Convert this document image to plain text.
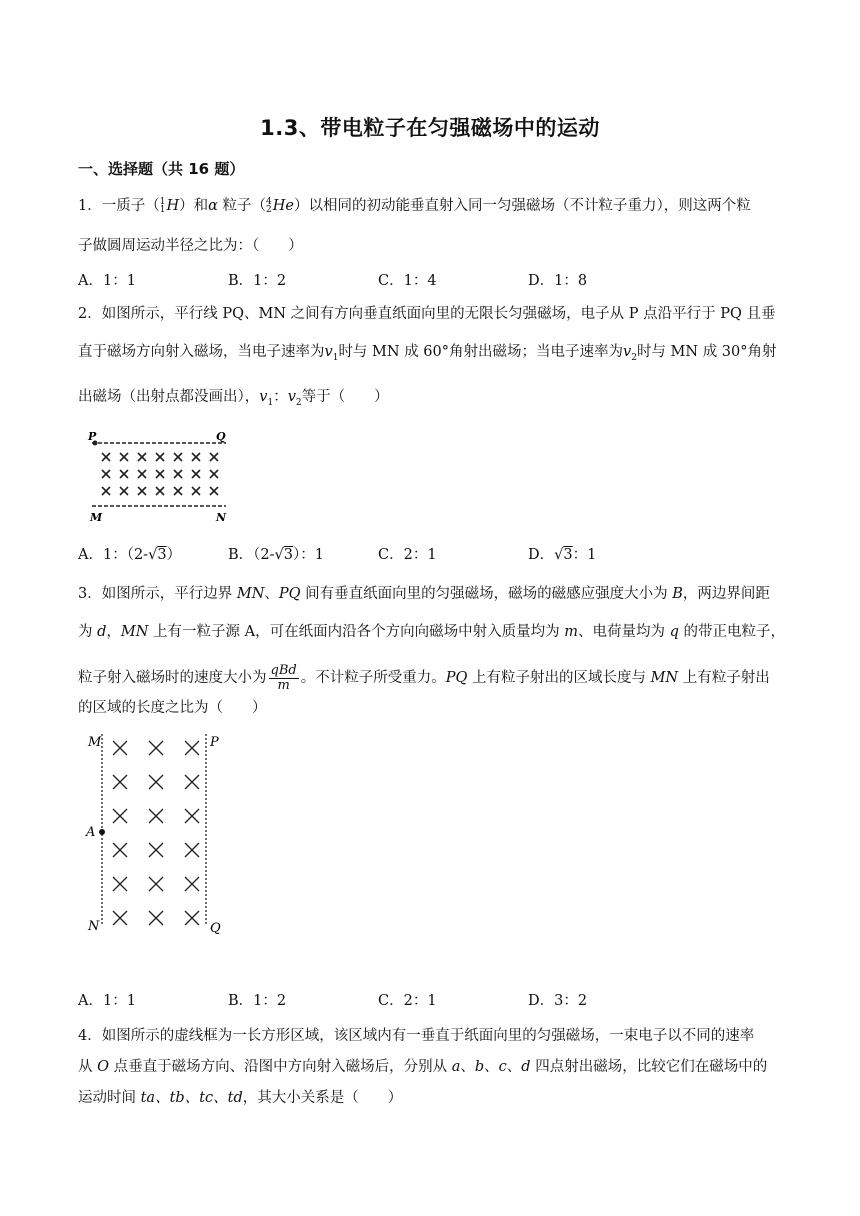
1.3、带电粒子在匀强磁场中的运动
一、选择题（共 16 题）
1．一质子（ 1
1 H）和α 粒子（ 4
2 He）以相同的初动能垂直射入同一匀强磁场（不计粒子重力），则这两个粒
子做圆周运动半径之比为：（　　）
A．1：1	B．1：2	C．1：4	D．1：8
2．如图所示，平行线 PQ、MN 之间有方向垂直纸面向里的无限长匀强磁场，电子从 P 点沿平行于 PQ 且垂
直于磁场方向射入磁场，当电子速率为$v_1$时与 MN 成 60°角射出磁场；当电子速率为$v_2$时与 MN 成 30°角射
出磁场（出射点都没画出），$v_1$：$v_2$等于（　　）
P	Q
M	N
A．1：（2-√3）	B．（2-√3）：1	C．2：1	D．√3：1
3．如图所示，平行边界 MN、PQ 间有垂直纸面向里的匀强磁场，磁场的磁感应强度大小为 B，两边界间距
为 d，MN 上有一粒子源 A，可在纸面内沿各个方向向磁场中射入质量均为 m、电荷量均为 q 的带正电粒子，
粒子射入磁场时的速度大小为 $\frac{\text{qBd}}{m}$ 。不计粒子所受重力。PQ 上有粒子射出的区域长度与 MN 上有粒子射出
的区域的长度之比为（　　）
M	P
A
N	Q
A．1：1	B．1：2	C．2：1	D．3：2
4．如图所示的虚线框为一长方形区域，该区域内有一垂直于纸面向里的匀强磁场，一束电子以不同的速率
从 O 点垂直于磁场方向、沿图中方向射入磁场后，分别从 a、b、c、d 四点射出磁场，比较它们在磁场中的
运动时间 ta、tb、tc、td，其大小关系是（　　）
